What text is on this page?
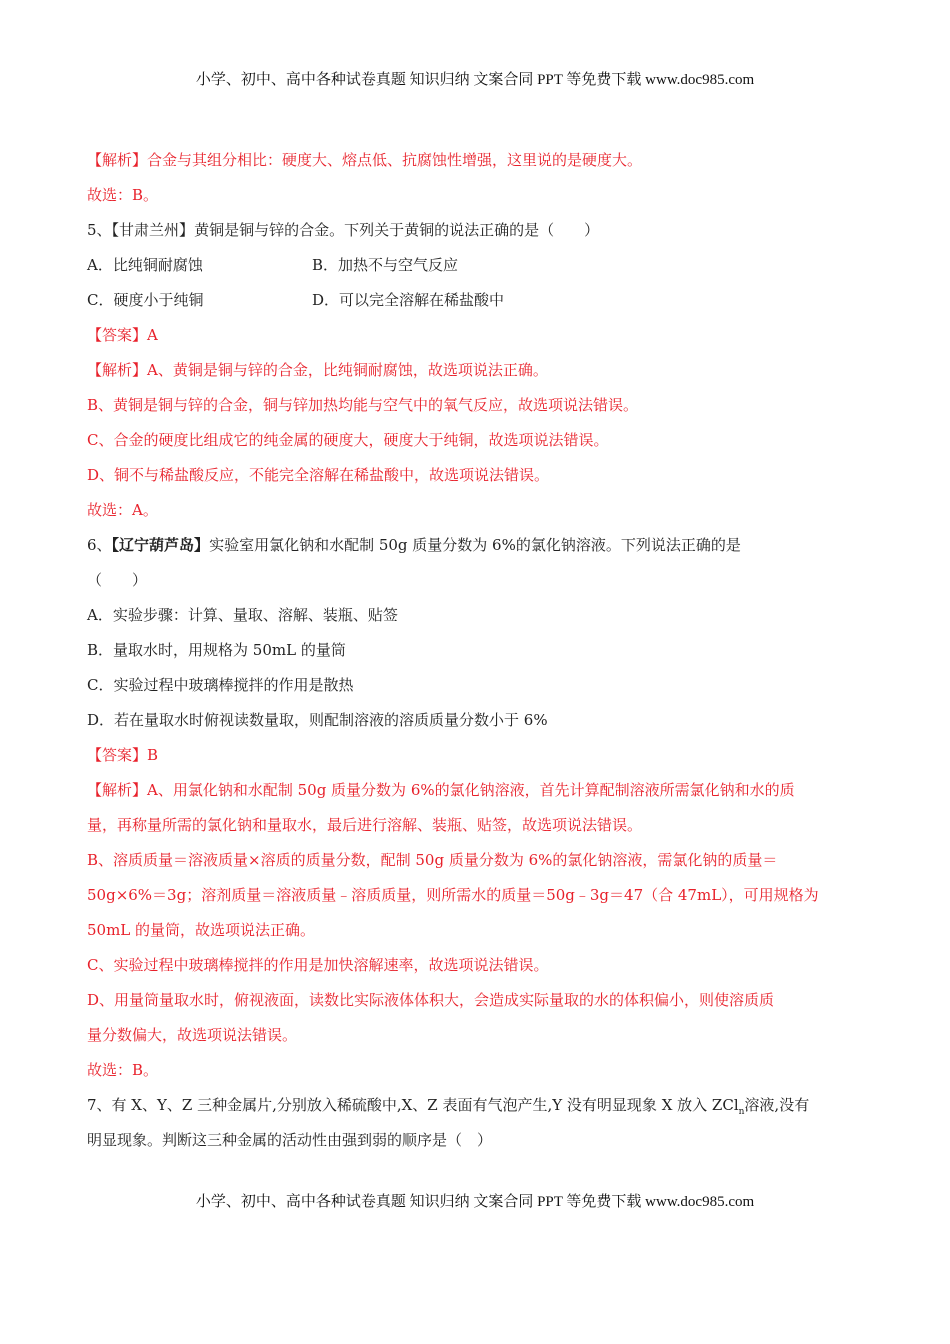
小学、初中、高中各种试卷真题 知识归纳 文案合同 PPT 等免费下载 www.doc985.com
【解析】合金与其组分相比：硬度大、熔点低、抗腐蚀性增强，这里说的是硬度大。
故选：B。
5、【甘肃兰州】黄铜是铜与锌的合金。下列关于黄铜的说法正确的是（　　）
A．比纯铜耐腐蚀	B．加热不与空气反应
C．硬度小于纯铜	D．可以完全溶解在稀盐酸中
【答案】A
【解析】A、黄铜是铜与锌的合金，比纯铜耐腐蚀，故选项说法正确。
B、黄铜是铜与锌的合金，铜与锌加热均能与空气中的氧气反应，故选项说法错误。
C、合金的硬度比组成它的纯金属的硬度大，硬度大于纯铜，故选项说法错误。
D、铜不与稀盐酸反应，不能完全溶解在稀盐酸中，故选项说法错误。
故选：A。
6、【辽宁葫芦岛】实验室用氯化钠和水配制 50g 质量分数为 6%的氯化钠溶液。下列说法正确的是
（　　）
A．实验步骤：计算、量取、溶解、装瓶、贴签
B．量取水时，用规格为 50mL 的量筒
C．实验过程中玻璃棒搅拌的作用是散热
D．若在量取水时俯视读数量取，则配制溶液的溶质质量分数小于 6%
【答案】B
【解析】A、用氯化钠和水配制 50g 质量分数为 6%的氯化钠溶液，首先计算配制溶液所需氯化钠和水的质
量，再称量所需的氯化钠和量取水，最后进行溶解、装瓶、贴签，故选项说法错误。
B、溶质质量＝溶液质量×溶质的质量分数，配制 50g 质量分数为 6%的氯化钠溶液，需氯化钠的质量＝
50g×6%＝3g；溶剂质量＝溶液质量﹣溶质质量，则所需水的质量＝50g﹣3g＝47（合 47mL），可用规格为
50mL 的量筒，故选项说法正确。
C、实验过程中玻璃棒搅拌的作用是加快溶解速率，故选项说法错误。
D、用量筒量取水时，俯视液面，读数比实际液体体积大，会造成实际量取的水的体积偏小，则使溶质质
量分数偏大，故选项说法错误。
故选：B。
7、有 X、Y、Z 三种金属片,分别放入稀硫酸中,X、Z 表面有气泡产生,Y 没有明显现象 X 放入 ZCl$_n$溶液,没有
明显现象。判断这三种金属的活动性由强到弱的顺序是（　）
小学、初中、高中各种试卷真题 知识归纳 文案合同 PPT 等免费下载 www.doc985.com
